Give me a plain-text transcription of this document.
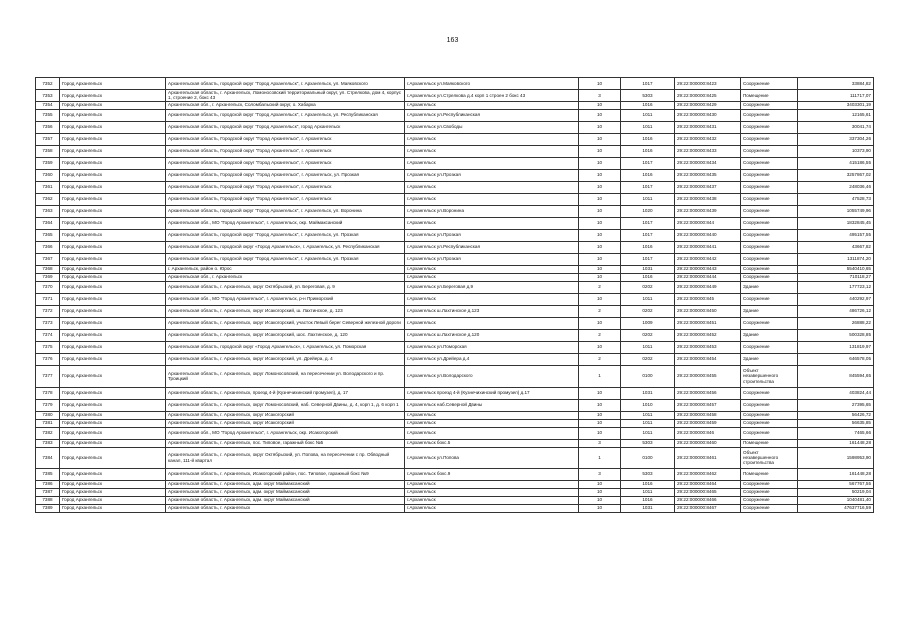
163
7352	Город Архангельск	Архангельская область, городской округ "Город Архангельск", г. Архангельск, ул. Маяковского	г.Архангельск ул.Маяковского	10	1017	29:22:000000:8423	Сооружение	33884,82
7353	Город Архангельск	Архангельская область, г. Архангельск, Ломоносовский территориальный округ, ул. Стрелкова, дом 4, корпус 1, строение 2, бокс 43	г.Архангельск ул.Стрелкова д.4 корп 1 строен 2 бокс 43	3	5303	29:22:000000:8425	Помещение	111717,07
7354	Город Архангельск	Архангельская обл., г. Архангельск, Соломбальский округ, о. Хабарка	г.Архангельск	10	1016	29:22:000000:8429	Сооружение	3403301,19
7355	Город Архангельск	Архангельская область, городской округ "Город Архангельск", г. Архангельск, ул. Республиканская	г.Архангельск ул.Республиканская	10	1011	29:22:000000:8430	Сооружение	12165,61
7356	Город Архангельск	Архангельская область, городской округ "Город Архангельск", город Архангельск	г.Архангельск ул.Свободы	10	1011	29:22:000000:8431	Сооружение	30041,74
7357	Город Архангельск	Архангельская область, Городской округ "Город Архангельск", г. Архангельск	г.Архангельск	10	1016	29:22:000000:8432	Сооружение	337304,26
7358	Город Архангельск	Архангельская область, Городской округ "Город Архангельск", г. Архангельск	г.Архангельск	10	1016	29:22:000000:8433	Сооружение	10373,90
7359	Город Архангельск	Архангельская область, Городской округ "Город Архангельск", г. Архангельск	г.Архангельск	10	1017	29:22:000000:8434	Сооружение	415186,55
7360	Город Архангельск	Архангельская область, Городской округ "Город Архангельск", г. Архангельск, ул. Прозкая	г.Архангельск ул.Прозкая	10	1016	29:22:000000:8435	Сооружение	3257867,02
7361	Город Архангельск	Архангельская область, Городской округ "Город Архангельск", г. Архангельск	г.Архангельск	10	1017	29:22:000000:8437	Сооружение	248036,46
7362	Город Архангельск	Архангельская область, Городской округ "Город Архангельск", г. Архангельск	г.Архангельск	10	1011	29:22:000000:8438	Сооружение	47528,73
7363	Город Архангельск	Архангельская область, городской округ "Город Архангельск", г. Архангельск, ул. Воронина	г.Архангельск ул.Воронина	10	1020	29:22:000000:8439	Сооружение	1055749,96
7364	Город Архангельск	Архангельская обл., МО "Город Архангельск", г. Архангельск, окр. Маймаксанский	г.Архангельск	10	1017	29:22:000000:844	Сооружение	1832845,45
7365	Город Архангельск	Архангельская область, городской округ "Город Архангельск", г. Архангельск, ул. Прозкая	г.Архангельск ул.Прозкая	10	1017	29:22:000000:8440	Сооружение	495157,55
7366	Город Архангельск	Архангельская область, городской округ «Город Архангельск», г. Архангельск, ул. Республиканская	г.Архангельск ул.Республиканская	10	1016	29:22:000000:8441	Сооружение	43667,82
7367	Город Архангельск	Архангельская область, городской округ "Город Архангельск", г. Архангельск, ул. Прозкая	г.Архангельск ул.Прозкая	10	1017	29:22:000000:8442	Сооружение	1311874,20
7368	Город Архангельск	г. Архангельск, район о. Юрос	г.Архангельск	10	1031	29:22:000000:8443	Сооружение	5540410,65
7369	Город Архангельск	Архангельская обл., г. Архангельск	г.Архангельск	10	1016	29:22:000000:8444	Сооружение	710118,27
7370	Город Архангельск	Архангельская область, г. Архангельск, округ Октябрьский, ул. Береговая, д. 9	г.Архангельск ул.Береговая д.9	2	0202	29:22:000000:8449	Здание	177723,12
7371	Город Архангельск	Архангельская обл., МО "Город Архангельск", г. Архангельск, р-н Приморский	г.Архангельск	10	1011	29:22:000000:845	Сооружение	440292,97
7372	Город Архангельск	Архангельская область, г. Архангельск, округ Исакогорский, ш. Лахтинское, д. 123	г.Архангельск ш.Лахтинское д.123	2	0202	29:22:000000:8450	Здание	486726,12
7373	Город Архангельск	Архангельская область, г. Архангельск, округ Исакогорский, участок Левый берег Северной железной дороги	г.Архангельск	10	1009	29:22:000000:8451	Сооружение	26888,22
7374	Город Архангельск	Архангельская область, г. Архангельск, округ Исакогорский, шос. Лахтинское, д. 120	г.Архангельск ш.Лахтинское д.120	2	0202	29:22:000000:8452	Здание	500328,85
7375	Город Архангельск	Архангельская область, городской округ «Город Архангельск», г. Архангельск, ул. Поморская	г.Архангельск ул.Поморская	10	1011	29:22:000000:8453	Сооружение	131819,97
7376	Город Архангельск	Архангельская область, г. Архангельск, округ Исакогорский, ул. Дрейера, д. 4	г.Архангельск ул.Дрейера д.4	2	0202	29:22:000000:8454	Здание	646578,05
7377	Город Архангельск	Архангельская область, г. Архангельск, округ Ломоносовский, на пересечении ул. Володарского и пр. Троицкий	г.Архангельск ул.Володарского	1	0100	29:22:000000:8455	Объект незавершенного строительства	845594,65
7378	Город Архангельск	Архангельская область, г. Архангельск, проезд 4-й (Кузнечихинский промузел), д. 17	г.Архангельск проезд 4-й (Кузнечихинский промузел) д.17	10	1031	29:22:000000:8456	Сооружение	403824,44
7379	Город Архангельск	Архангельская область, г. Архангельск, округ Ломоносовский, наб. Северной Двины, д. 4, корп 1, д. 6 корп 1	г.Архангельск наб.Северной Двины	10	1010	29:22:000000:8457	Сооружение	27395,65
7380	Город Архангельск	Архангельская область, г. Архангельск, округ Исакогорский	г.Архангельск	10	1011	29:22:000000:8458	Сооружение	56426,72
7381	Город Архангельск	Архангельская область, г. Архангельск, округ Исакогорский	г.Архангельск	10	1011	29:22:000000:8459	Сооружение	56635,85
7382	Город Архангельск	Архангельская обл., МО "Город Архангельск", г. Архангельск, окр. Исакогорский	г.Архангельск	10	1011	29:22:000000:846	Сооружение	7465,66
7383	Город Архангельск	Архангельская область, г. Архангельск, пос. Типовое, гаражный бокс №5	г.Архангельск бокс.5	3	5303	29:22:000000:8460	Помещение	161448,28
7384	Город Архангельск	Архангельская область, г. Архангельск, округ Октябрьский, ул. Попова, на пересечении с пр. Обводный канал, 111-й квартал	г.Архангельск ул.Попова	1	0100	29:22:000000:8461	Объект незавершенного строительства	1598953,90
7385	Город Архангельск	Архангельская область, г. Архангельск, Исакогорский район, пос. Типовое, гаражный бокс №9	г.Архангельск бокс.9	3	5303	29:22:000000:8462	Помещение	161448,28
7386	Город Архангельск	Архангельская область, г. Архангельск, адм. округ Маймаксанский	г.Архангельск	10	1016	29:22:000000:8464	Сооружение	567767,55
7387	Город Архангельск	Архангельская область, г. Архангельск, адм. округ Маймаксанский	г.Архангельск	10	1011	29:22:000000:8465	Сооружение	50219,04
7388	Город Архангельск	Архангельская область, г. Архангельск, адм. округ Маймаксанский	г.Архангельск	10	1016	29:22:000000:8466	Сооружение	1040481,40
7389	Город Архангельск	Архангельская область, г. Архангельск	г.Архангельск	10	1031	29:22:000000:8467	Сооружение	47637716,59
